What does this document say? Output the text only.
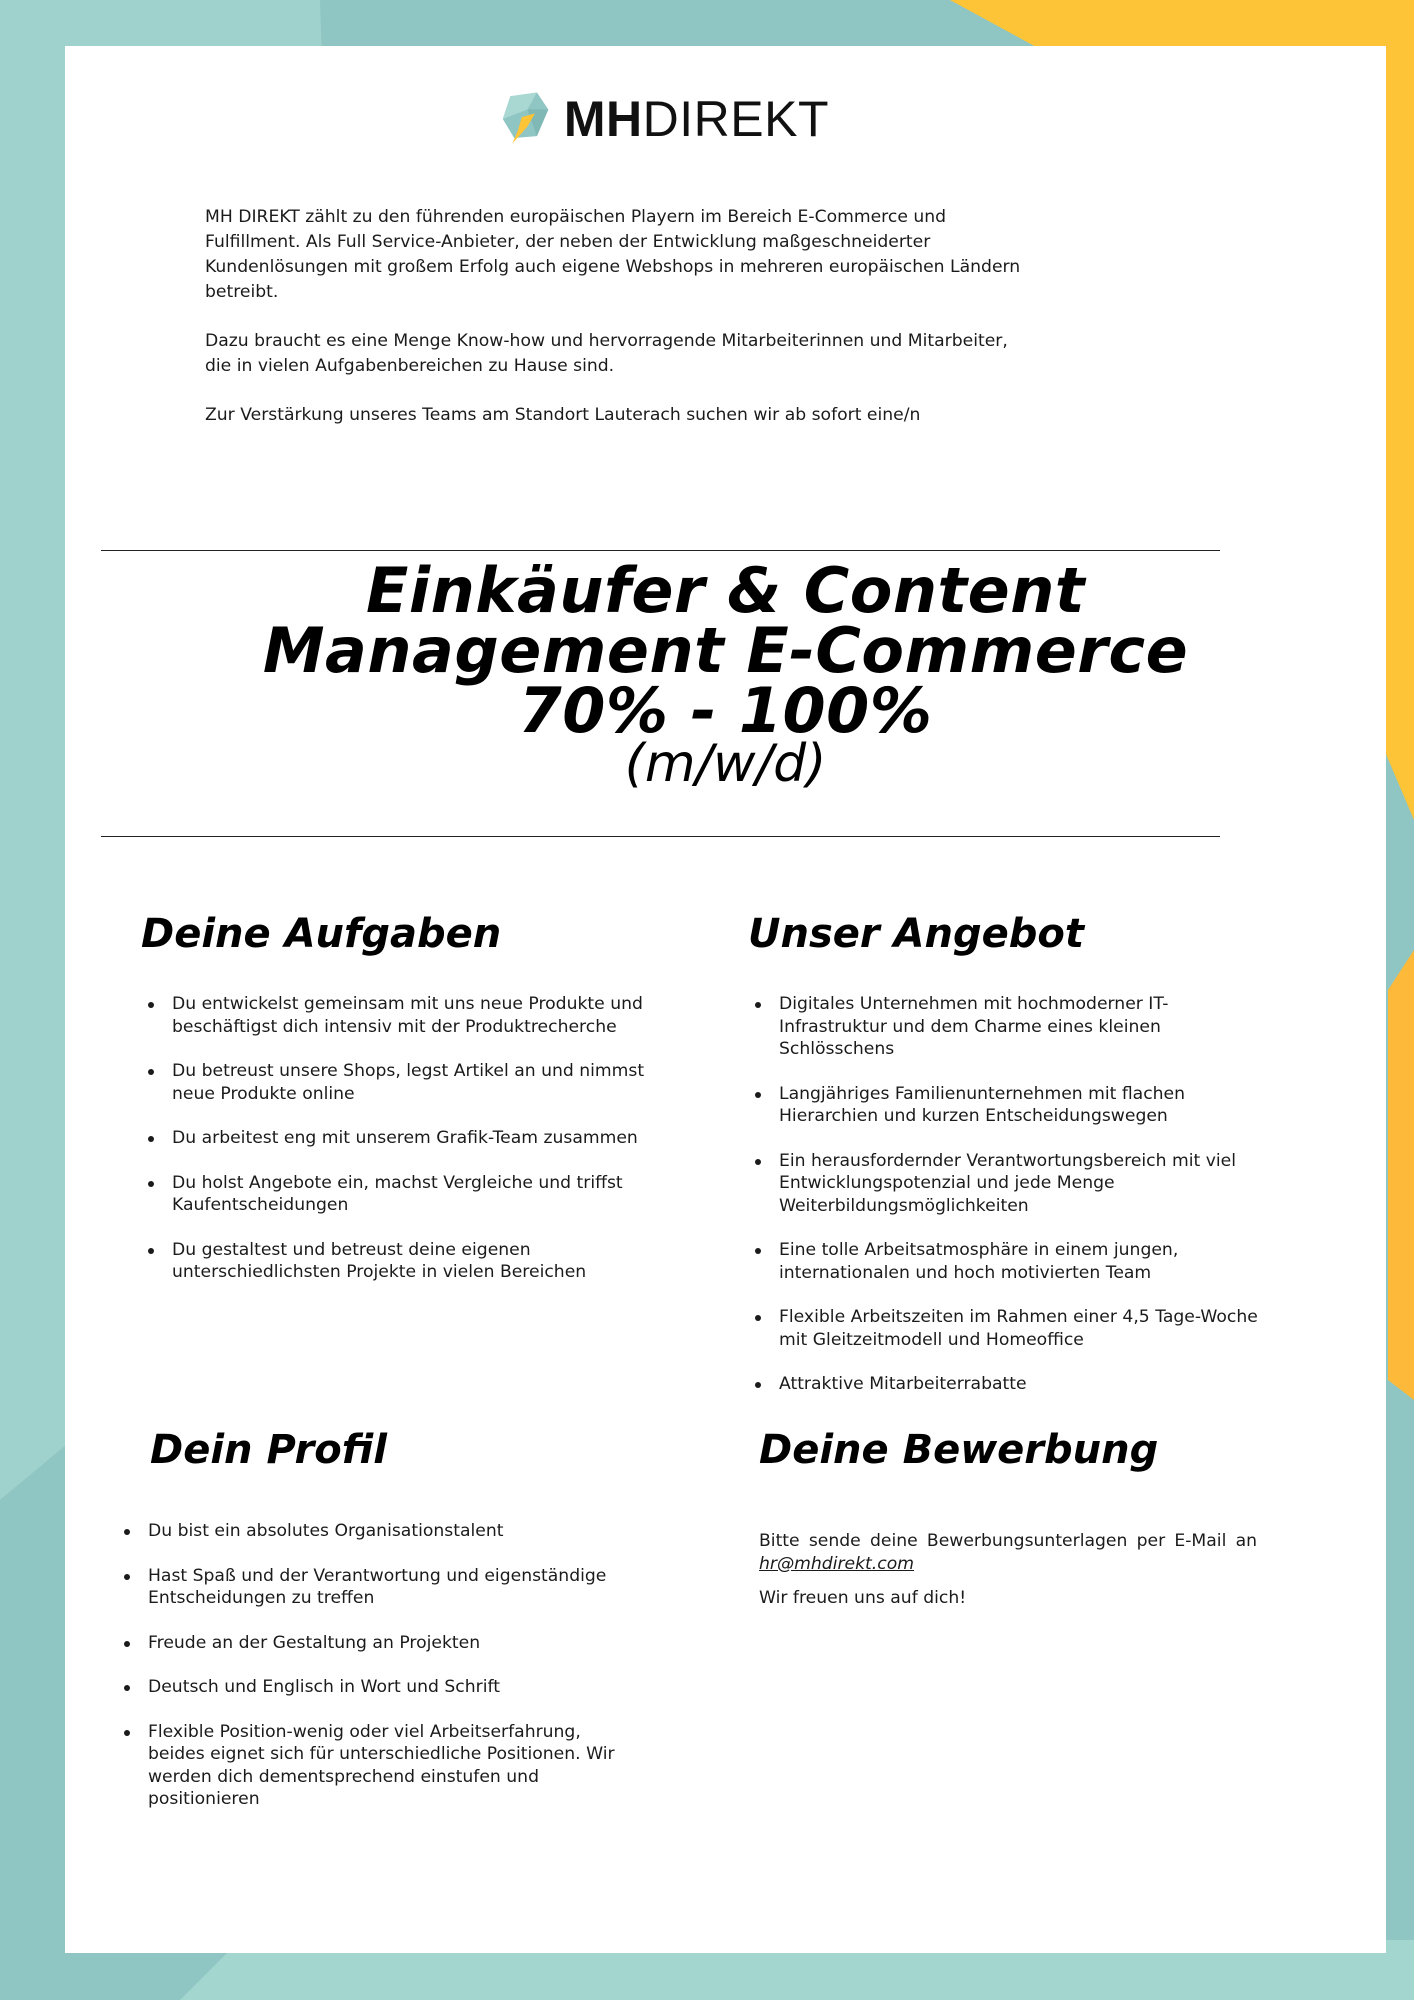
MHDIREKT

MH DIREKT zählt zu den führenden europäischen Playern im Bereich E-Commerce und Fulfillment. Als Full Service-Anbieter, der neben der Entwicklung maßgeschneiderter Kundenlösungen mit großem Erfolg auch eigene Webshops in mehreren europäischen Ländern betreibt.

Dazu braucht es eine Menge Know-how und hervorragende Mitarbeiterinnen und Mitarbeiter, die in vielen Aufgabenbereichen zu Hause sind.

Zur Verstärkung unseres Teams am Standort Lauterach suchen wir ab sofort eine/n

Einkäufer & Content
Management E-Commerce
70% - 100%
(m/w/d)
Deine Aufgaben
Du entwickelst gemeinsam mit uns neue Produkte und beschäftigst dich intensiv mit der Produktrecherche
Du betreust unsere Shops, legst Artikel an und nimmst neue Produkte online
Du arbeitest eng mit unserem Grafik-Team zusammen
Du holst Angebote ein, machst Vergleiche und triffst Kaufentscheidungen
Du gestaltest und betreust deine eigenen unterschiedlichsten Projekte in vielen Bereichen
Unser Angebot
Digitales Unternehmen mit hochmoderner IT-Infrastruktur und dem Charme eines kleinen Schlösschens
Langjähriges Familienunternehmen mit flachen Hierarchien und kurzen Entscheidungswegen
Ein herausfordernder Verantwortungsbereich mit viel Entwicklungspotenzial und jede Menge Weiterbildungsmöglichkeiten
Eine tolle Arbeitsatmosphäre in einem jungen, internationalen und hoch motivierten Team
Flexible Arbeitszeiten im Rahmen einer 4,5 Tage-Woche mit Gleitzeitmodell und Homeoffice
Attraktive Mitarbeiterrabatte
Dein Profil
Du bist ein absolutes Organisationstalent
Hast Spaß und der Verantwortung und eigenständige Entscheidungen zu treffen
Freude an der Gestaltung an Projekten
Deutsch und Englisch in Wort und Schrift
Flexible Position-wenig oder viel Arbeitserfahrung, beides eignet sich für unterschiedliche Positionen. Wir werden dich dementsprechend einstufen und positionieren
Deine Bewerbung

Bitte sende deine Bewerbungsunterlagen per E-Mail an hr@mhdirekt.com

Wir freuen uns auf dich!
